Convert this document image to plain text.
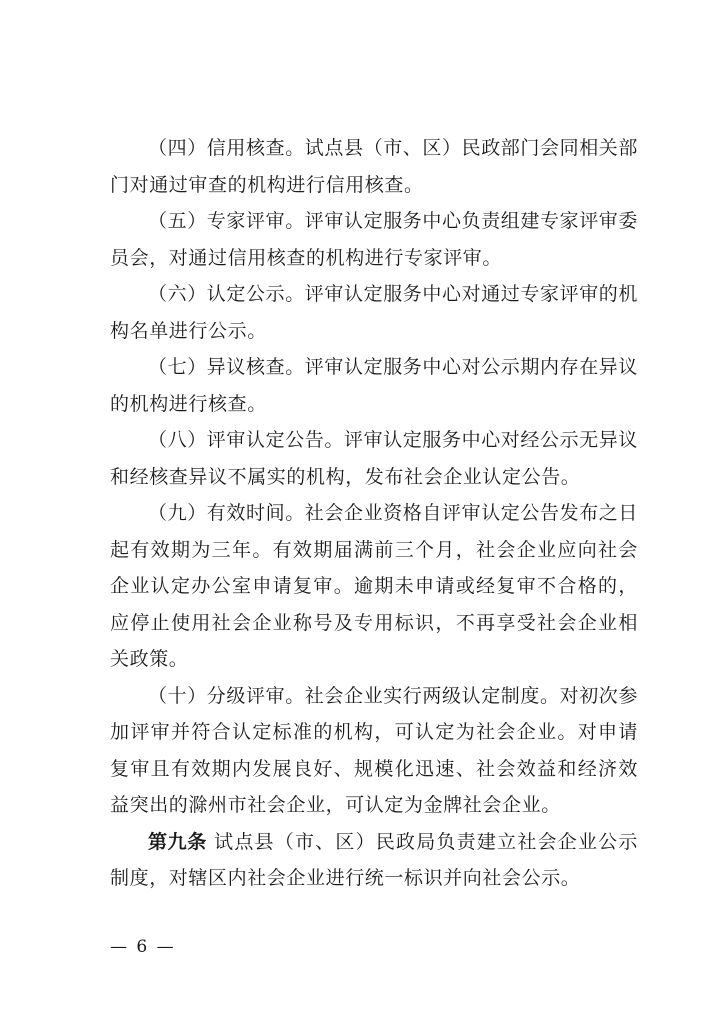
（四）信用核查。试点县（市、区）民政部门会同相关部门对通过审查的机构进行信用核查。

（五）专家评审。评审认定服务中心负责组建专家评审委员会，对通过信用核查的机构进行专家评审。

（六）认定公示。评审认定服务中心对通过专家评审的机构名单进行公示。

（七）异议核查。评审认定服务中心对公示期内存在异议的机构进行核查。

（八）评审认定公告。评审认定服务中心对经公示无异议和经核查异议不属实的机构，发布社会企业认定公告。

（九）有效时间。社会企业资格自评审认定公告发布之日起有效期为三年。有效期届满前三个月，社会企业应向社会企业认定办公室申请复审。逾期未申请或经复审不合格的，应停止使用社会企业称号及专用标识，不再享受社会企业相关政策。

（十）分级评审。社会企业实行两级认定制度。对初次参加评审并符合认定标准的机构，可认定为社会企业。对申请复审且有效期内发展良好、规模化迅速、社会效益和经济效益突出的滁州市社会企业，可认定为金牌社会企业。

第九条 试点县（市、区）民政局负责建立社会企业公示制度，对辖区内社会企业进行统一标识并向社会公示。

— 6 —
